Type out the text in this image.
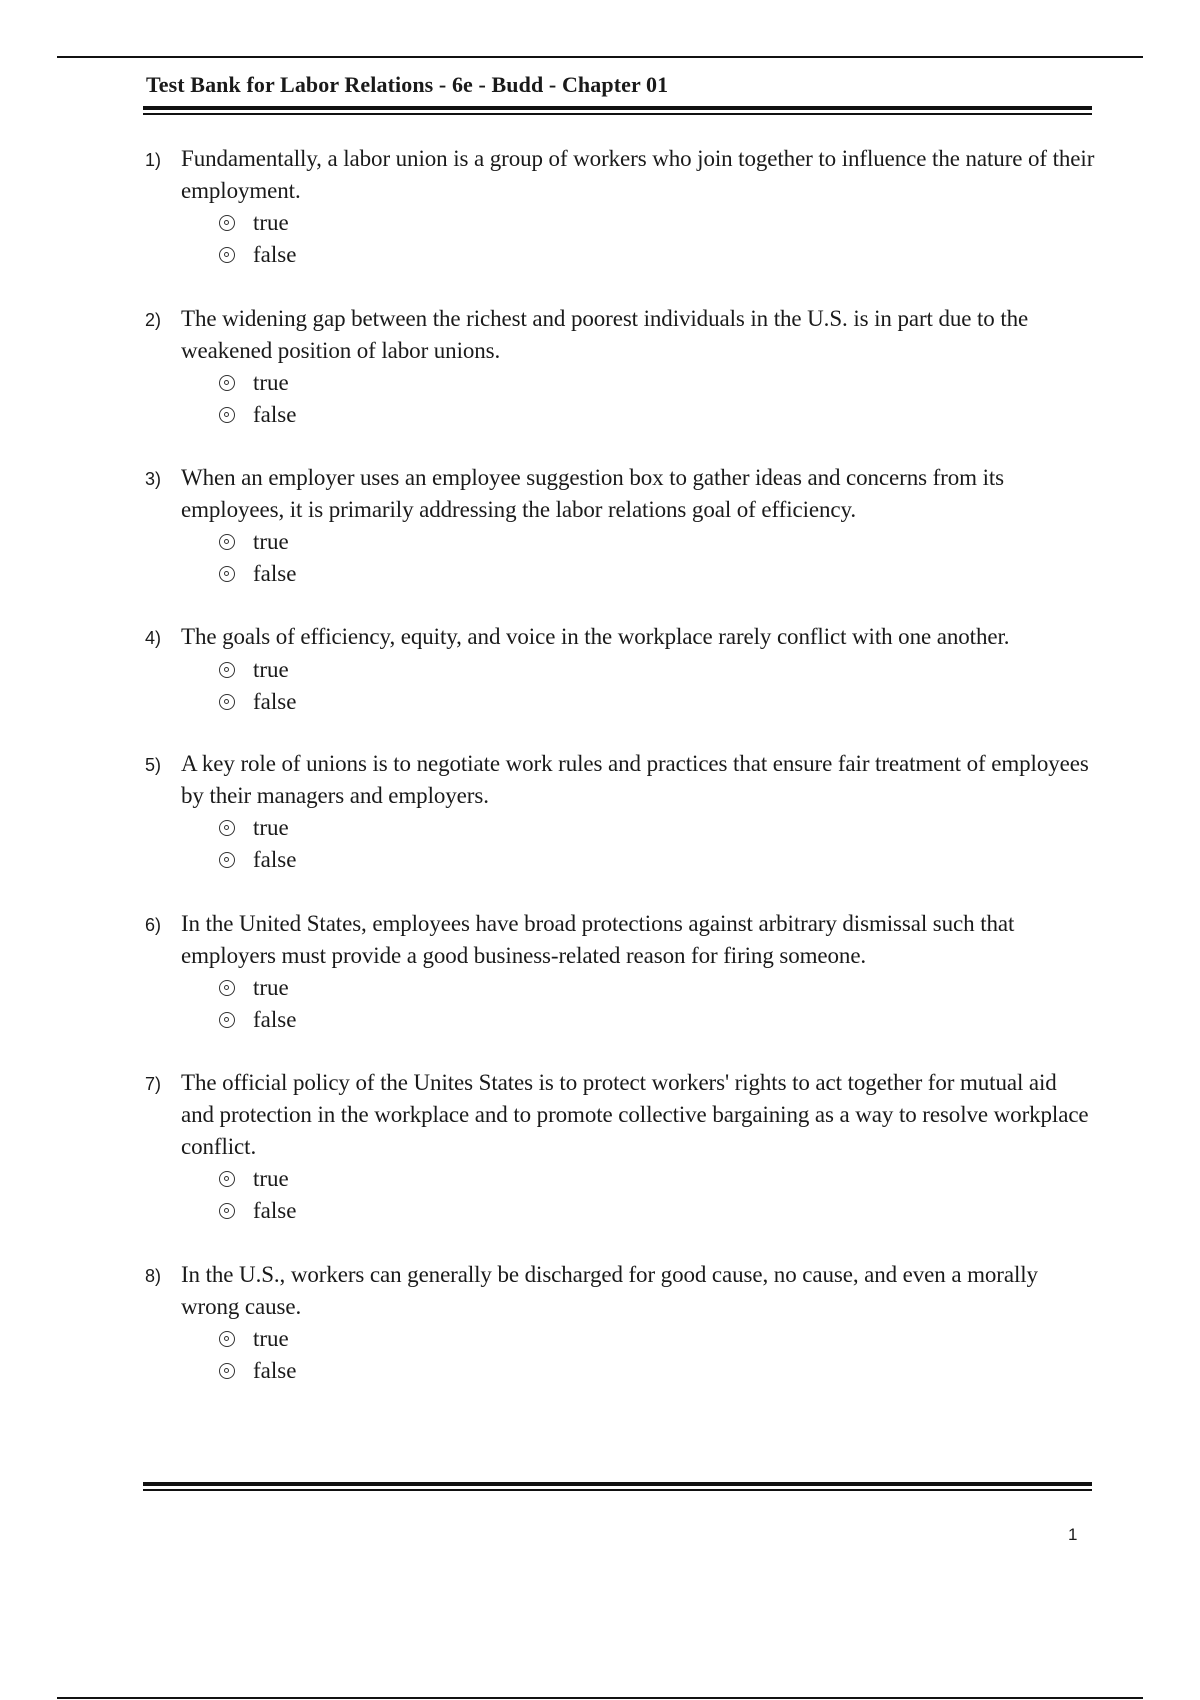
Test Bank for Labor Relations - 6e - Budd - Chapter 01
1) Fundamentally, a labor union is a group of workers who join together to influence the nature of their employment.
true
false
2) The widening gap between the richest and poorest individuals in the U.S. is in part due to the weakened position of labor unions.
true
false
3) When an employer uses an employee suggestion box to gather ideas and concerns from its employees, it is primarily addressing the labor relations goal of efficiency.
true
false
4) The goals of efficiency, equity, and voice in the workplace rarely conflict with one another.
true
false
5) A key role of unions is to negotiate work rules and practices that ensure fair treatment of employees by their managers and employers.
true
false
6) In the United States, employees have broad protections against arbitrary dismissal such that employers must provide a good business-related reason for firing someone.
true
false
7) The official policy of the Unites States is to protect workers' rights to act together for mutual aid and protection in the workplace and to promote collective bargaining as a way to resolve workplace conflict.
true
false
8) In the U.S., workers can generally be discharged for good cause, no cause, and even a morally wrong cause.
true
false
1
